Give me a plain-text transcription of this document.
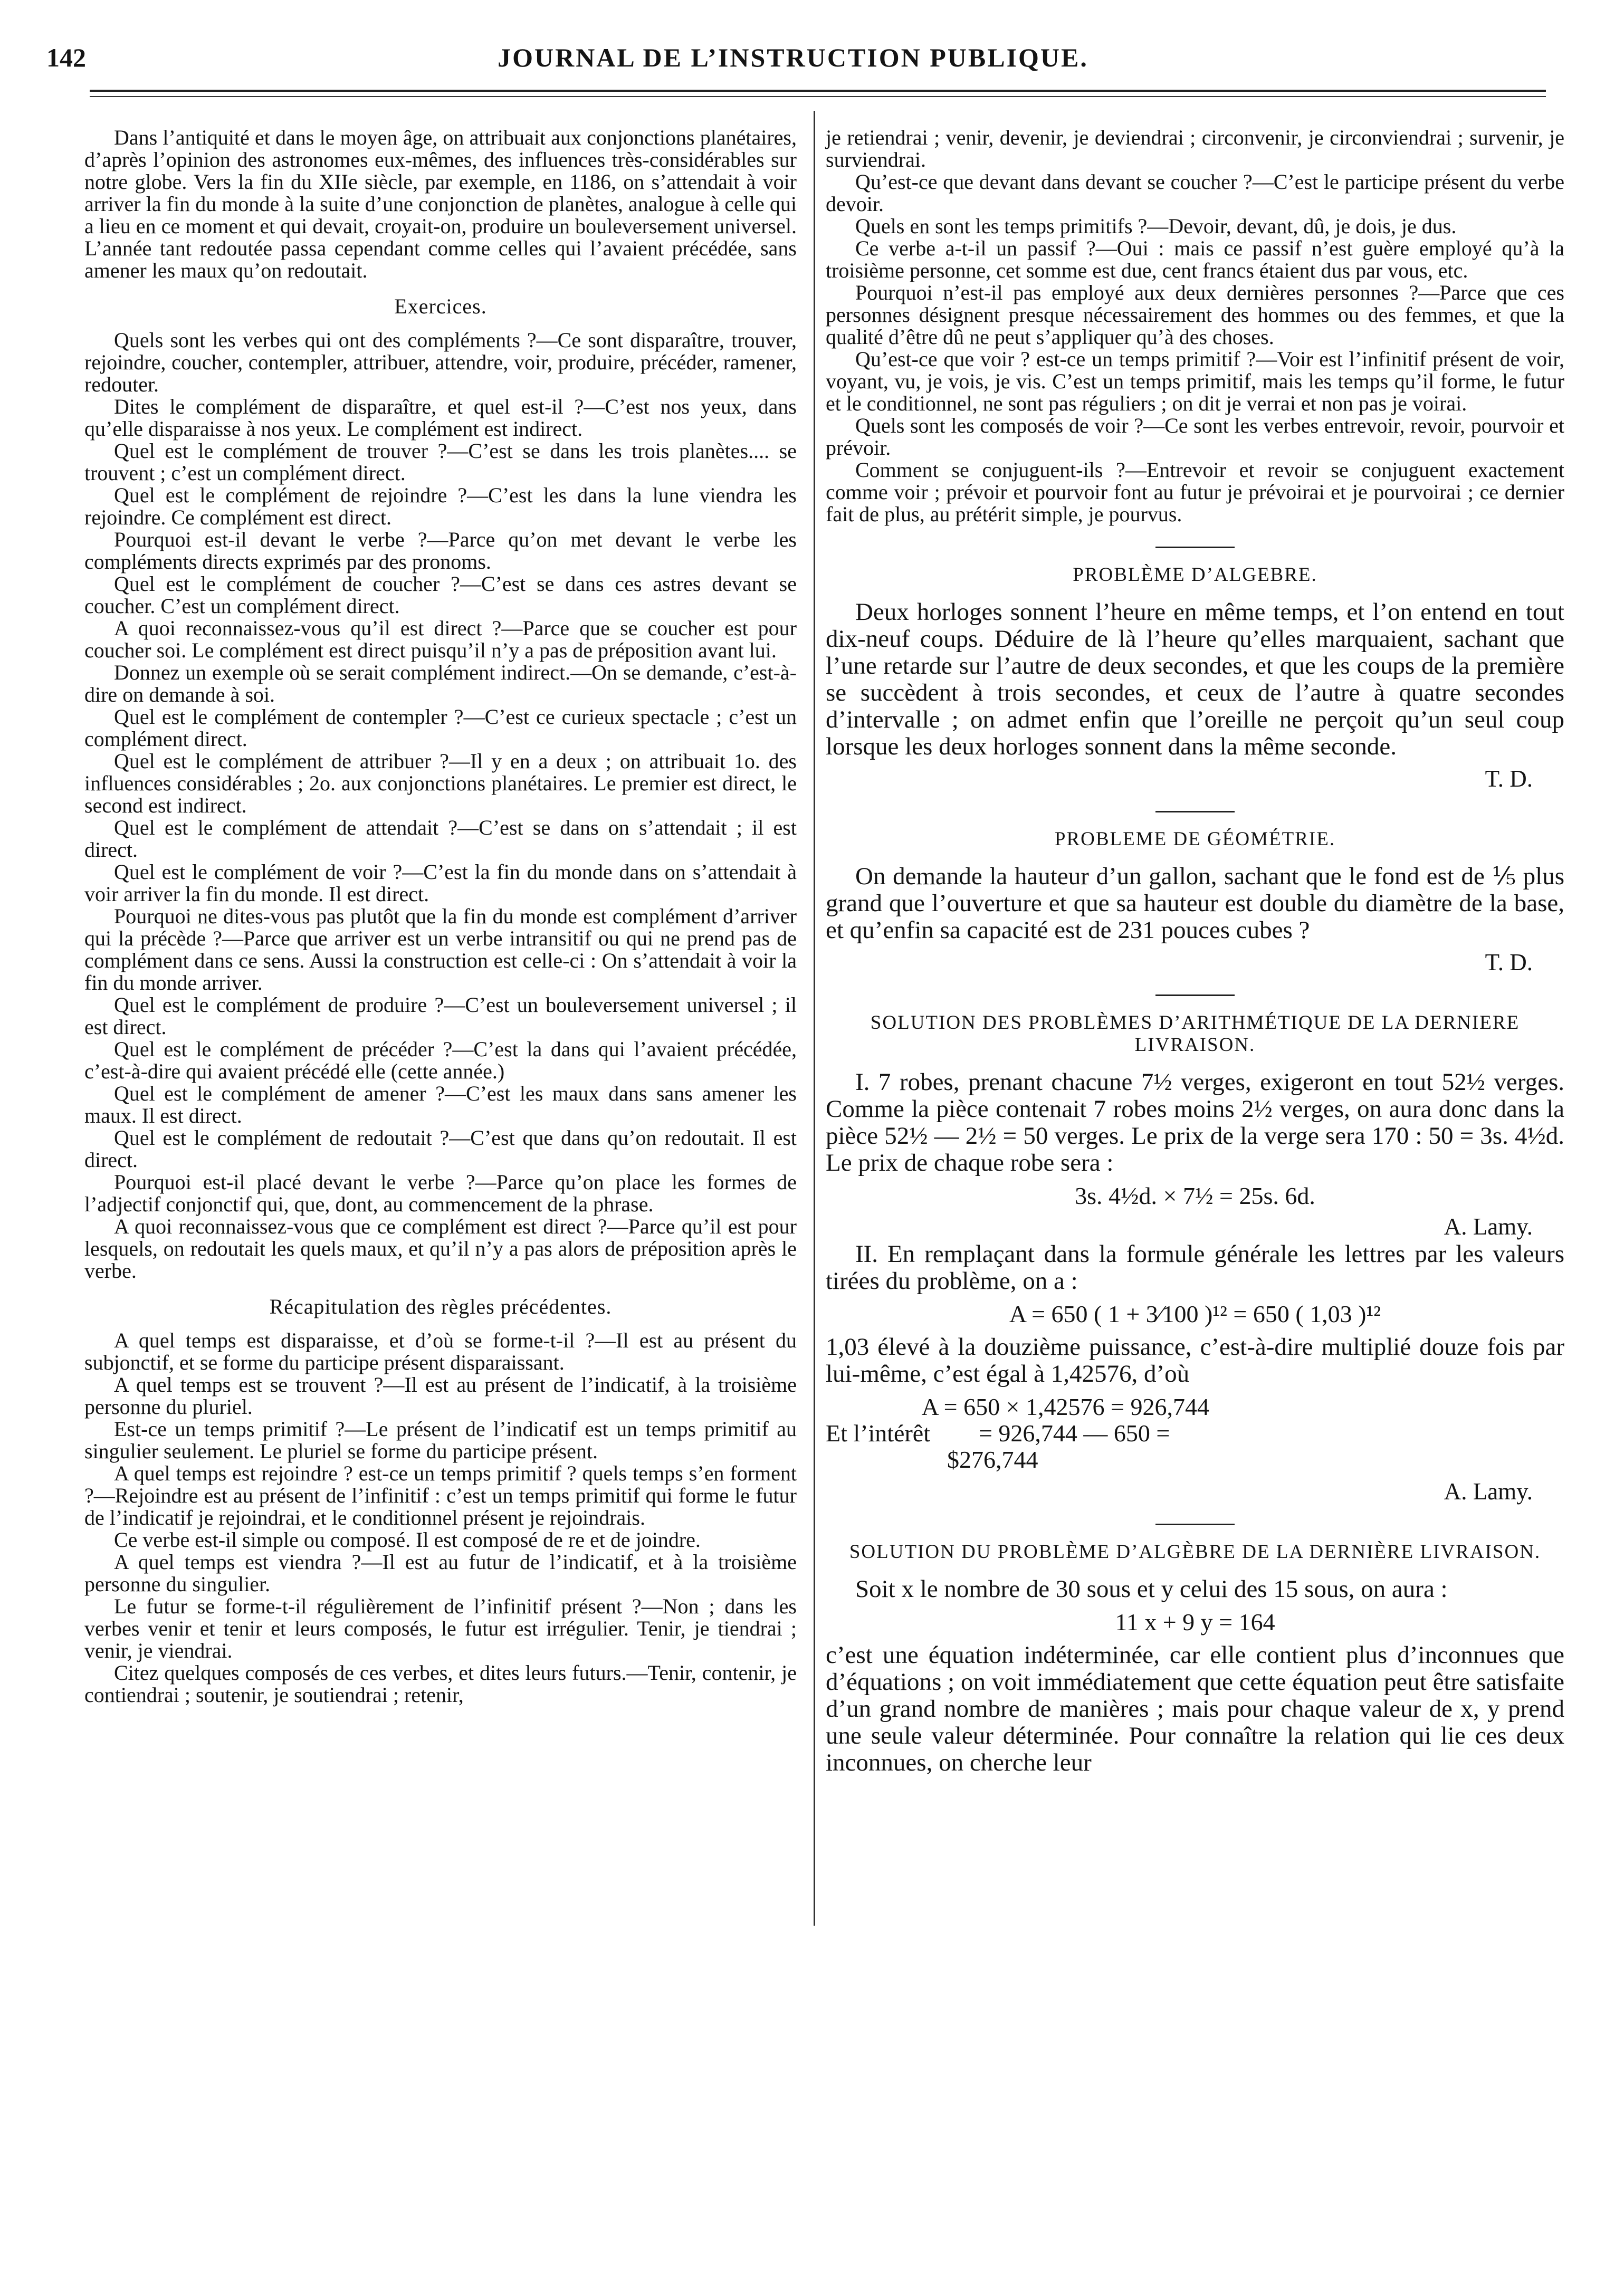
142	JOURNAL DE L’INSTRUCTION PUBLIQUE.

Dans l’antiquité et dans le moyen âge, on attribuait aux conjonctions planétaires, d’après l’opinion des astronomes eux-mêmes, des influences très-considérables sur notre globe. Vers la fin du XIIe siècle, par exemple, en 1186, on s’attendait à voir arriver la fin du monde à la suite d’une conjonction de planètes, analogue à celle qui a lieu en ce moment et qui devait, croyait-on, produire un bouleversement universel. L’année tant redoutée passa cependant comme celles qui l’avaient précédée, sans amener les maux qu’on redoutait.

Exercices.

Quels sont les verbes qui ont des compléments ?—Ce sont disparaître, trouver, rejoindre, coucher, contempler, attribuer, attendre, voir, produire, précéder, ramener, redouter.

Dites le complément de disparaître, et quel est-il ?—C’est nos yeux, dans qu’elle disparaisse à nos yeux. Le complément est indirect.

Quel est le complément de trouver ?—C’est se dans les trois planètes.... se trouvent ; c’est un complément direct.

Quel est le complément de rejoindre ?—C’est les dans la lune viendra les rejoindre. Ce complément est direct.

Pourquoi est-il devant le verbe ?—Parce qu’on met devant le verbe les compléments directs exprimés par des pronoms.

Quel est le complément de coucher ?—C’est se dans ces astres devant se coucher. C’est un complément direct.

A quoi reconnaissez-vous qu’il est direct ?—Parce que se coucher est pour coucher soi. Le complément est direct puisqu’il n’y a pas de préposition avant lui.

Donnez un exemple où se serait complément indirect.—On se demande, c’est-à-dire on demande à soi.

Quel est le complément de contempler ?—C’est ce curieux spectacle ; c’est un complément direct.

Quel est le complément de attribuer ?—Il y en a deux ; on attribuait 1o. des influences considérables ; 2o. aux conjonctions planétaires. Le premier est direct, le second est indirect.

Quel est le complément de attendait ?—C’est se dans on s’attendait ; il est direct.

Quel est le complément de voir ?—C’est la fin du monde dans on s’attendait à voir arriver la fin du monde. Il est direct.

Pourquoi ne dites-vous pas plutôt que la fin du monde est complément d’arriver qui la précède ?—Parce que arriver est un verbe intransitif ou qui ne prend pas de complément dans ce sens. Aussi la construction est celle-ci : On s’attendait à voir la fin du monde arriver.

Quel est le complément de produire ?—C’est un bouleversement universel ; il est direct.

Quel est le complément de précéder ?—C’est la dans qui l’avaient précédée, c’est-à-dire qui avaient précédé elle (cette année.)

Quel est le complément de amener ?—C’est les maux dans sans amener les maux. Il est direct.

Quel est le complément de redoutait ?—C’est que dans qu’on redoutait. Il est direct.

Pourquoi est-il placé devant le verbe ?—Parce qu’on place les formes de l’adjectif conjonctif qui, que, dont, au commencement de la phrase.

A quoi reconnaissez-vous que ce complément est direct ?—Parce qu’il est pour lesquels, on redoutait les quels maux, et qu’il n’y a pas alors de préposition après le verbe.

Récapitulation des règles précédentes.

A quel temps est disparaisse, et d’où se forme-t-il ?—Il est au présent du subjonctif, et se forme du participe présent disparaissant.

A quel temps est se trouvent ?—Il est au présent de l’indicatif, à la troisième personne du pluriel.

Est-ce un temps primitif ?—Le présent de l’indicatif est un temps primitif au singulier seulement. Le pluriel se forme du participe présent.

A quel temps est rejoindre ? est-ce un temps primitif ? quels temps s’en forment ?—Rejoindre est au présent de l’infinitif : c’est un temps primitif qui forme le futur de l’indicatif je rejoindrai, et le conditionnel présent je rejoindrais.

Ce verbe est-il simple ou composé. Il est composé de re et de joindre.

A quel temps est viendra ?—Il est au futur de l’indicatif, et à la troisième personne du singulier.

Le futur se forme-t-il régulièrement de l’infinitif présent ?—Non ; dans les verbes venir et tenir et leurs composés, le futur est irrégulier. Tenir, je tiendrai ; venir, je viendrai.

Citez quelques composés de ces verbes, et dites leurs futurs.—Tenir, contenir, je contiendrai ; soutenir, je soutiendrai ; retenir,

je retiendrai ; venir, devenir, je deviendrai ; circonvenir, je circonviendrai ; survenir, je surviendrai.

Qu’est-ce que devant dans devant se coucher ?—C’est le participe présent du verbe devoir.

Quels en sont les temps primitifs ?—Devoir, devant, dû, je dois, je dus.

Ce verbe a-t-il un passif ?—Oui : mais ce passif n’est guère employé qu’à la troisième personne, cet somme est due, cent francs étaient dus par vous, etc.

Pourquoi n’est-il pas employé aux deux dernières personnes ?—Parce que ces personnes désignent presque nécessairement des hommes ou des femmes, et que la qualité d’être dû ne peut s’appliquer qu’à des choses.

Qu’est-ce que voir ? est-ce un temps primitif ?—Voir est l’infinitif présent de voir, voyant, vu, je vois, je vis. C’est un temps primitif, mais les temps qu’il forme, le futur et le conditionnel, ne sont pas réguliers ; on dit je verrai et non pas je voirai.

Quels sont les composés de voir ?—Ce sont les verbes entrevoir, revoir, pourvoir et prévoir.

Comment se conjuguent-ils ?—Entrevoir et revoir se conjuguent exactement comme voir ; prévoir et pourvoir font au futur je prévoirai et je pourvoirai ; ce dernier fait de plus, au prétérit simple, je pourvus.

PROBLÈME D’ALGEBRE.

Deux horloges sonnent l’heure en même temps, et l’on entend en tout dix-neuf coups. Déduire de là l’heure qu’elles marquaient, sachant que l’une retarde sur l’autre de deux secondes, et que les coups de la première se succèdent à trois secondes, et ceux de l’autre à quatre secondes d’intervalle ; on admet enfin que l’oreille ne perçoit qu’un seul coup lorsque les deux horloges sonnent dans la même seconde.

T. D.
PROBLEME DE GÉOMÉTRIE.

On demande la hauteur d’un gallon, sachant que le fond est de ⅕ plus grand que l’ouverture et que sa hauteur est double du diamètre de la base, et qu’enfin sa capacité est de 231 pouces cubes ?

T. D.
SOLUTION DES PROBLÈMES D’ARITHMÉTIQUE DE LA DERNIERE LIVRAISON.

I. 7 robes, prenant chacune 7½ verges, exigeront en tout 52½ verges. Comme la pièce contenait 7 robes moins 2½ verges, on aura donc dans la pièce 52½ — 2½ = 50 verges. Le prix de la verge sera 170 : 50 = 3s. 4½d. Le prix de chaque robe sera :

3s. 4½d. × 7½ = 25s. 6d.
A. Lamy.

II. En remplaçant dans la formule générale les lettres par les valeurs tirées du problème, on a :

A = 650 ( 1 + 3⁄100 )¹² = 650 ( 1,03 )¹²

1,03 élevé à la douzième puissance, c’est-à-dire multiplié douze fois par lui-même, c’est égal à 1,42576, d’où

A = 650 × 1,42576 = 926,744
Et l’intérêt        = 926,744 — 650 =
$276,744
A. Lamy.
SOLUTION DU PROBLÈME D’ALGÈBRE DE LA DERNIÈRE LIVRAISON.

Soit x le nombre de 30 sous et y celui des 15 sous, on aura :

11 x + 9 y = 164

c’est une équation indéterminée, car elle contient plus d’inconnues que d’équations ; on voit immédiatement que cette équation peut être satisfaite d’un grand nombre de manières ; mais pour chaque valeur de x, y prend une seule valeur déterminée. Pour connaître la relation qui lie ces deux inconnues, on cherche leur
